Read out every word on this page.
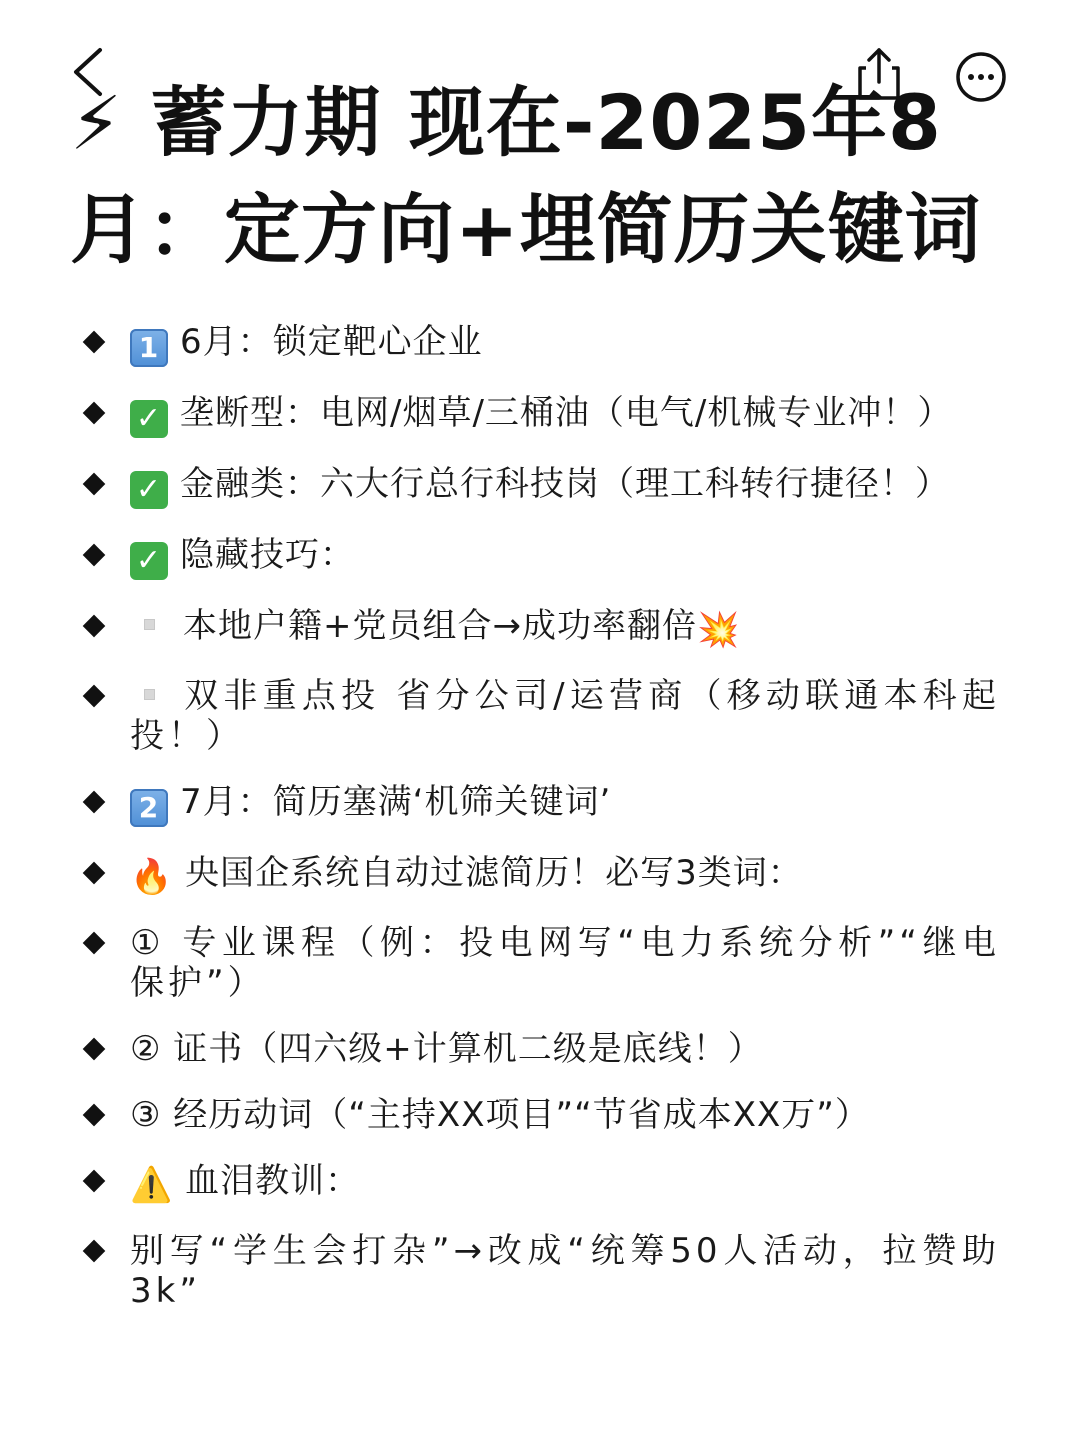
⚡ 蓄力期 现在-2025年8月：定方向+埋简历关键词
1 6月：锁定靶心企业
✓ 垄断型：电网/烟草/三桶油（电气/机械专业冲！）
✓ 金融类：六大行总行科技岗（理工科转行捷径！）
✓ 隐藏技巧：
本地户籍+党员组合→成功率翻倍💥
双非重点投 省分公司/运营商（移动联通本科起投！）
2 7月：简历塞满‘机筛关键词’
🔥 央国企系统自动过滤简历！必写3类词：
① 专业课程（例：投电网写“电力系统分析”“继电保护”）
② 证书（四六级+计算机二级是底线！）
③ 经历动词（“主持XX项目”“节省成本XX万”）
⚠️ 血泪教训：
别写“学生会打杂”→改成“统筹50人活动，拉赞助3k”
